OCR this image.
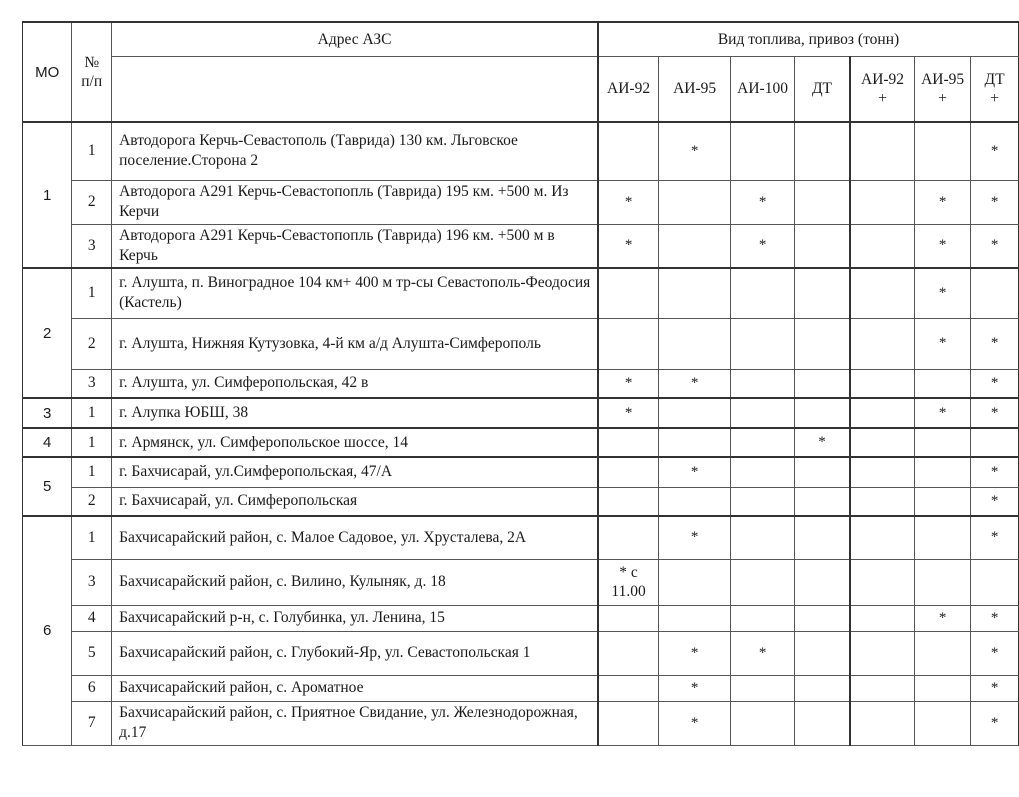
МО	№ п/п	Адрес АЗС	Вид топлива, привоз (тонн)						
			АИ-92	АИ-95	АИ-100	ДТ	АИ-92 +	АИ-95 +	ДТ +
1	1	Автодорога Керчь-Севастополь (Таврида) 130 км. Льговское поселение.Сторона 2		*					*
	2	Автодорога А291 Керчь-Севастопопль (Таврида) 195 км. +500 м. Из Керчи	*		*			*	*
	3	Автодорога А291 Керчь-Севастопопль (Таврида) 196 км. +500 м в Керчь	*		*			*	*
2	1	г. Алушта, п. Виноградное 104 км+ 400 м тр-сы Севастополь-Феодосия (Кастель)						*	
	2	г. Алушта, Нижняя Кутузовка, 4-й км а/д Алушта-Симферополь						*	*
	3	г. Алушта, ул. Симферопольская, 42 в	*	*					*
3	1	г. Алупка ЮБШ, 38	*					*	*
4	1	г. Армянск, ул. Симферопольское шоссе, 14				*			
5	1	г. Бахчисарай, ул.Симферопольская, 47/А		*					*
	2	г. Бахчисарай, ул. Симферопольская							*
6	1	Бахчисарайский район, с. Малое Садовое, ул. Хрусталева, 2А		*					*
	3	Бахчисарайский район, с. Вилино, Кулыняк, д. 18	* с 11.00						
	4	Бахчисарайский р-н, с. Голубинка, ул. Ленина, 15						*	*
	5	Бахчисарайский район, с. Глубокий-Яр, ул. Севастопольская 1		*	*				*
	6	Бахчисарайский район, с. Ароматное		*					*
	7	Бахчисарайский район, с. Приятное Свидание, ул. Железнодорожная, д.17		*					*
